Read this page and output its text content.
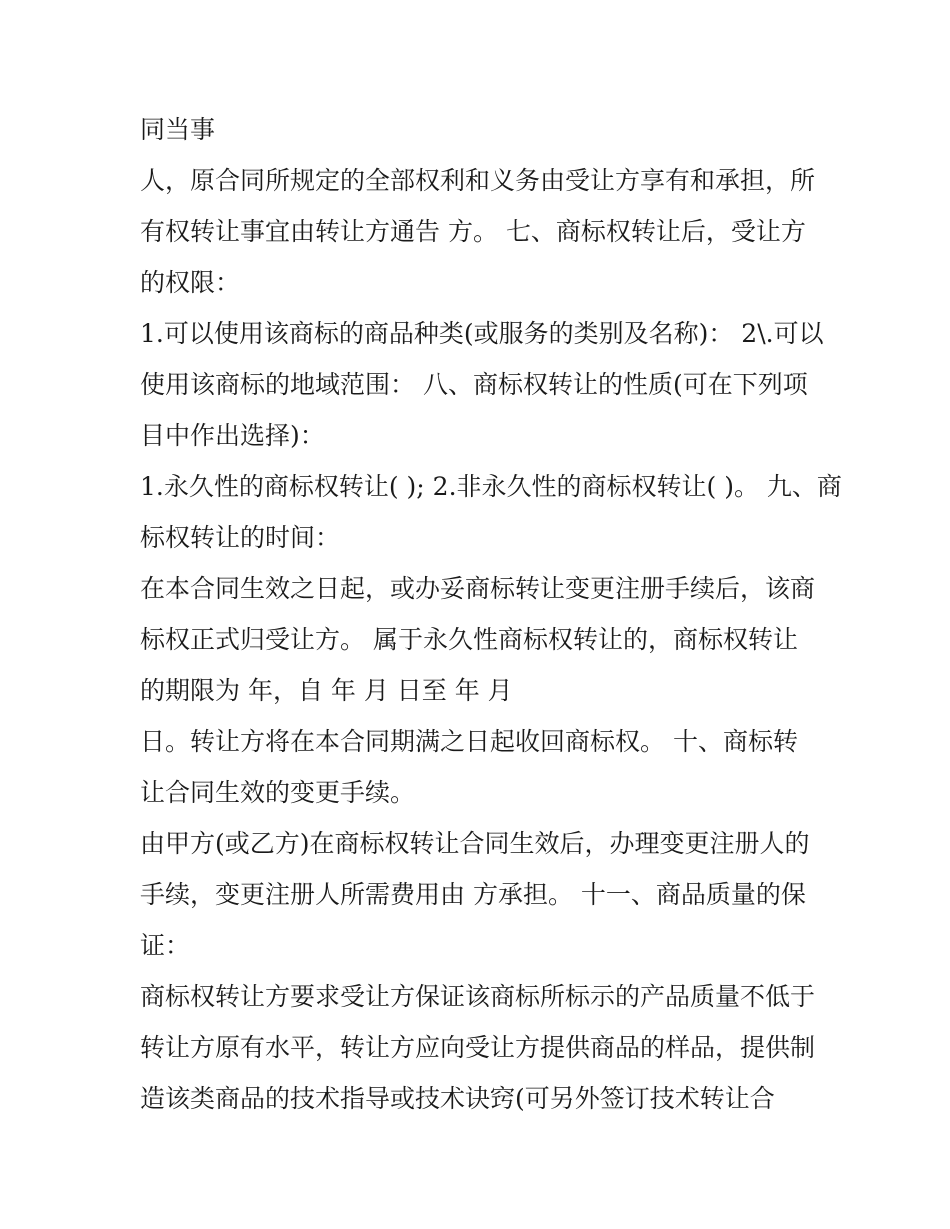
同当事
人，原合同所规定的全部权利和义务由受让方享有和承担，所
有权转让事宜由转让方通告 方。 七、商标权转让后，受让方
的权限：
1.可以使用该商标的商品种类(或服务的类别及名称)： 2\.可以
使用该商标的地域范围： 八、商标权转让的性质(可在下列项
目中作出选择)：
1.永久性的商标权转让( ); 2.非永久性的商标权转让( )。 九、商
标权转让的时间：
在本合同生效之日起，或办妥商标转让变更注册手续后，该商
标权正式归受让方。 属于永久性商标权转让的，商标权转让
的期限为 年，自 年 月 日至 年 月
日。转让方将在本合同期满之日起收回商标权。 十、商标转
让合同生效的变更手续。
由甲方(或乙方)在商标权转让合同生效后，办理变更注册人的
手续，变更注册人所需费用由 方承担。 十一、商品质量的保
证：
商标权转让方要求受让方保证该商标所标示的产品质量不低于
转让方原有水平，转让方应向受让方提供商品的样品，提供制
造该类商品的技术指导或技术诀窍(可另外签订技术转让合
